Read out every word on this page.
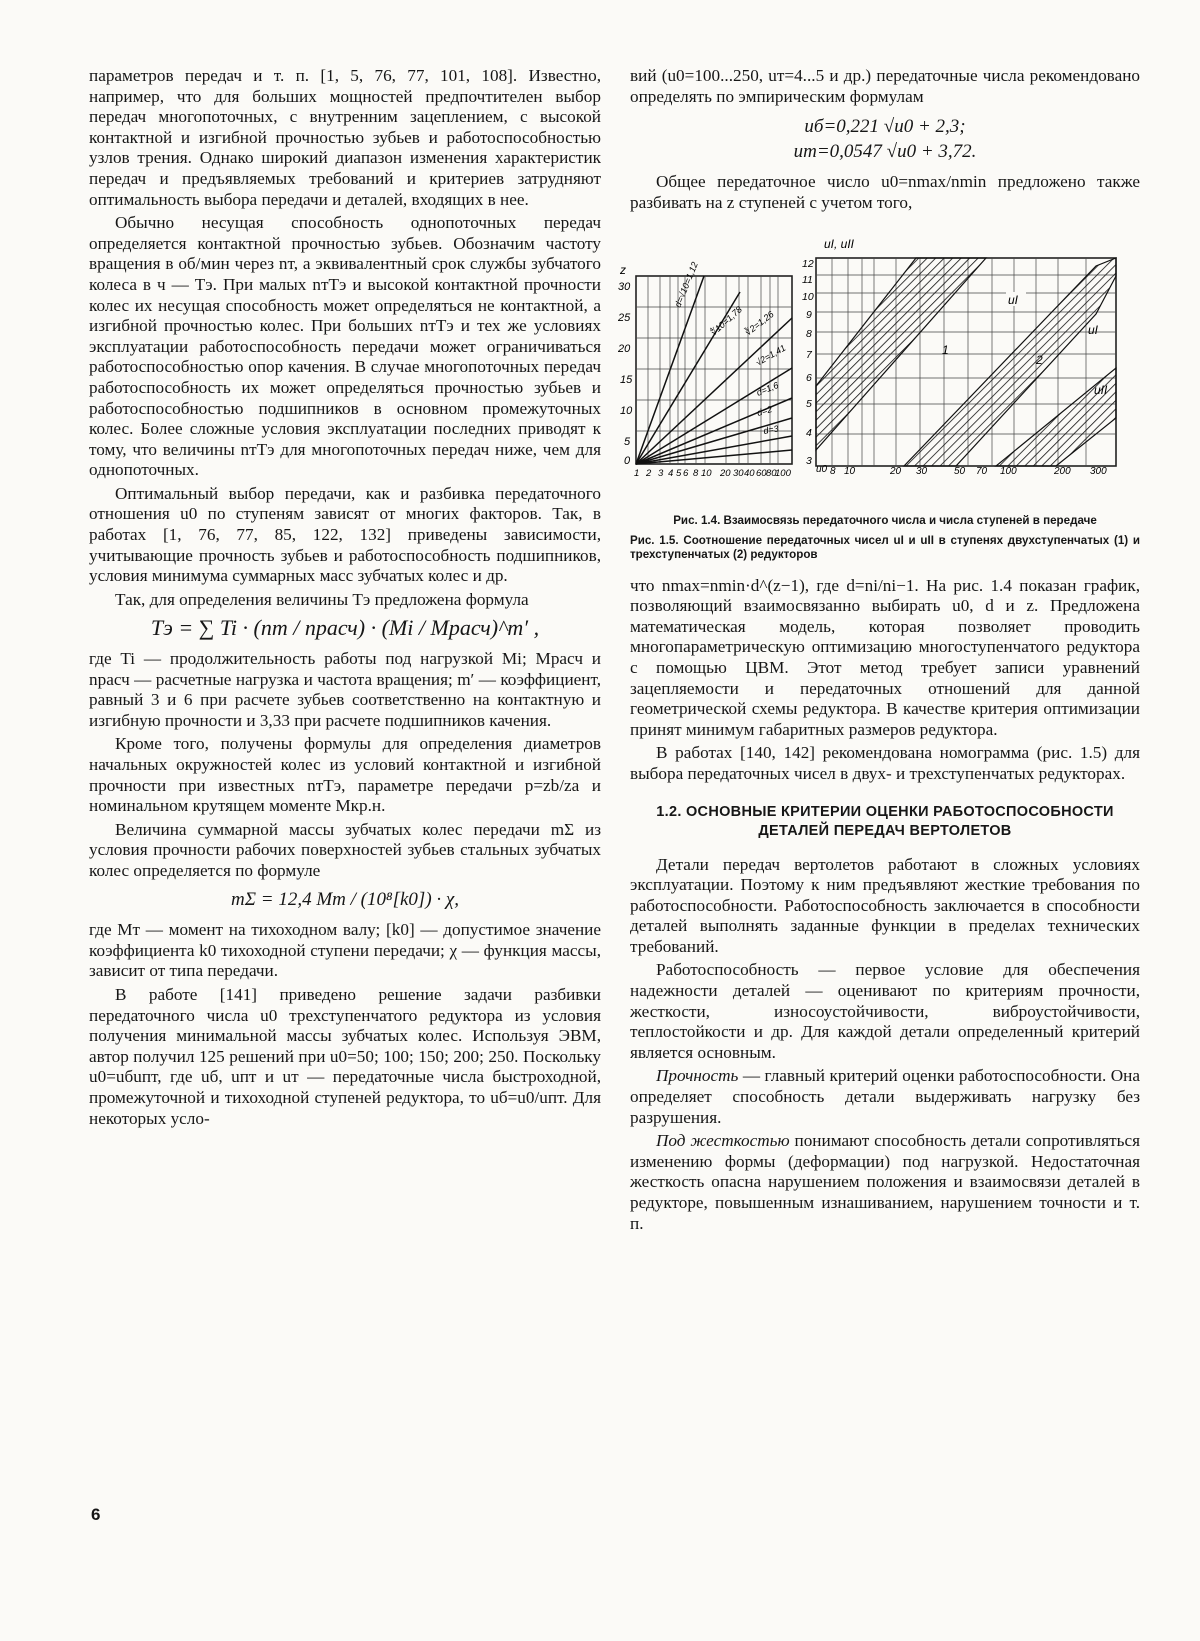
параметров передач и т. п. [1, 5, 76, 77, 101, 108]. Известно, например, что для больших мощностей предпочтителен выбор передач многопоточных, с внутренним зацеплением, с высокой контактной и изгибной прочностью зубьев и работоспособностью узлов трения. Однако широкий диапазон изменения характеристик передач и предъявляемых требований и критериев затрудняют оптимальность выбора передачи и деталей, входящих в нее.

Обычно несущая способность однопоточных передач определяется контактной прочностью зубьев. Обозначим частоту вращения в об/мин через nт, а эквивалентный срок службы зубчатого колеса в ч — Tэ. При малых nтTэ и высокой контактной прочности колес их несущая способность может определяться не контактной, а изгибной прочностью колес. При больших nтTэ и тех же условиях эксплуатации работоспособность передачи может ограничиваться работоспособностью опор качения. В случае многопоточных передач работоспособность их может определяться прочностью зубьев и работоспособностью подшипников в основном промежуточных колес. Более сложные условия эксплуатации последних приводят к тому, что величины nтTэ для многопоточных передач ниже, чем для однопоточных.

Оптимальный выбор передачи, как и разбивка передаточного отношения u0 по ступеням зависят от многих факторов. Так, в работах [1, 76, 77, 85, 122, 132] приведены зависимости, учитывающие прочность зубьев и работоспособность подшипников, условия минимума суммарных масс зубчатых колес и др.

Так, для определения величины Tэ предложена формула

Tэ = ∑ Ti · (nт / nрасч) · (Mi / Mрасч)^m′ ,

где Ti — продолжительность работы под нагрузкой Mi; Mрасч и nрасч — расчетные нагрузка и частота вращения; m′ — коэффициент, равный 3 и 6 при расчете зубьев соответственно на контактную и изгибную прочности и 3,33 при расчете подшипников качения.

Кроме того, получены формулы для определения диаметров начальных окружностей колес из условий контактной и изгибной прочности при известных nтTэ, параметре передачи p=zb/za и номинальном крутящем моменте Mкр.н.

Величина суммарной массы зубчатых колес передачи mΣ из условия прочности рабочих поверхностей зубьев стальных зубчатых колес определяется по формуле

mΣ = 12,4 Mт / (10⁸[k0]) · χ,

где Mт — момент на тихоходном валу; [k0] — допустимое значение коэффициента k0 тихоходной ступени передачи; χ — функция массы, зависит от типа передачи.

В работе [141] приведено решение задачи разбивки передаточного числа u0 трехступенчатого редуктора из условия получения минимальной массы зубчатых колес. Используя ЭВМ, автор получил 125 решений при u0=50; 100; 150; 200; 250. Поскольку u0=uбuпт, где uб, uпт и uт — передаточные числа быстроходной, промежуточной и тихоходной ступеней редуктора, то uб=u0/uпт. Для некоторых усло-

вий (u0=100...250, uт=4...5 и др.) передаточные числа рекомендовано определять по эмпирическим формулам

uб=0,221 √u0 + 2,3;
uт=0,0547 √u0 + 3,72.

Общее передаточное число u0=nmax/nmin предложено также разбивать на z ступеней с учетом того,

z
30
25
20
15
10
5
0
d=√10=1,12
∜10=1,78 ∛2=1,26
√2=1,41
d=1,6
d=2
d=3
1 2 3 4 5 6 8 10 20 30 40 60 80
100
uI, uII
12
11
10
9
8
7
6
5
4
3
uI
uI
uII
1
2
u0 8 10	20 30	50 70 100	200 300
Рис. 1.4. Взаимосвязь передаточного числа и числа ступеней в передаче
Рис. 1.5. Соотношение передаточных чисел uI и uII в ступенях двухступенчатых (1) и трехступенчатых (2) редукторов

что nmax=nmin·d^(z−1), где d=ni/ni−1. На рис. 1.4 показан график, позволяющий взаимосвязанно выбирать u0, d и z. Предложена математическая модель, которая позволяет проводить многопараметрическую оптимизацию многоступенчатого редуктора с помощью ЦВМ. Этот метод требует записи уравнений зацепляемости и передаточных отношений для данной геометрической схемы редуктора. В качестве критерия оптимизации принят минимум габаритных размеров редуктора.

В работах [140, 142] рекомендована номограмма (рис. 1.5) для выбора передаточных чисел в двух- и трехступенчатых редукторах.

1.2. ОСНОВНЫЕ КРИТЕРИИ ОЦЕНКИ РАБОТОСПОСОБНОСТИ ДЕТАЛЕЙ ПЕРЕДАЧ ВЕРТОЛЕТОВ

Детали передач вертолетов работают в сложных условиях эксплуатации. Поэтому к ним предъявляют жесткие требования по работоспособности. Работоспособность заключается в способности деталей выполнять заданные функции в пределах технических требований.

Работоспособность — первое условие для обеспечения надежности деталей — оценивают по критериям прочности, жесткости, износоустойчивости, виброустойчивости, теплостойкости и др. Для каждой детали определенный критерий является основным.

Прочность — главный критерий оценки работоспособности. Она определяет способность детали выдерживать нагрузку без разрушения.

Под жесткостью понимают способность детали сопротивляться изменению формы (деформации) под нагрузкой. Недостаточная жесткость опасна нарушением положения и взаимосвязи деталей в редукторе, повышенным изнашиванием, нарушением точности и т. п.

6
